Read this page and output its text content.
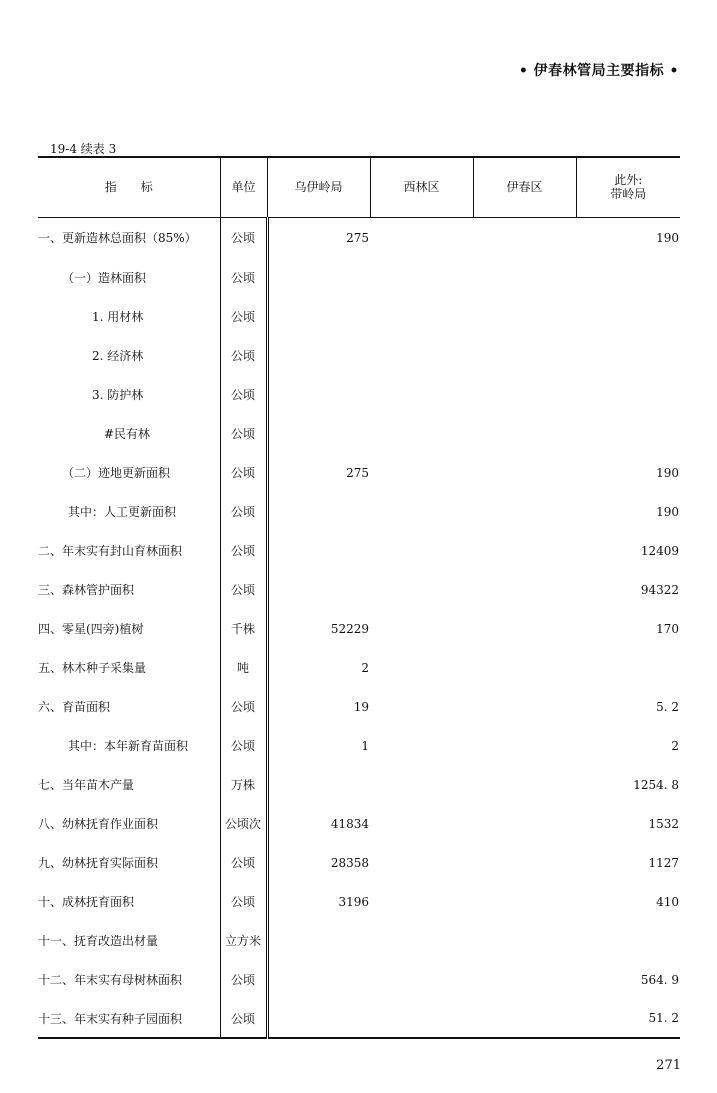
• 伊春林管局主要指标 •
19-4 续表 3
指　　标	单位	乌伊岭局	西林区	伊春区	此外:
带岭局

一、更新造林总面积（85%）	公顷	275			190
（一）造林面积	公顷				
1. 用材林	公顷				
2. 经济林	公顷				
3. 防护林	公顷				
#民有林	公顷				
（二）迹地更新面积	公顷	275			190
其中：人工更新面积	公顷				190
二、年末实有封山育林面积	公顷				12409
三、森林管护面积	公顷				94322
四、零星(四旁)植树	千株	52229			170
五、林木种子采集量	吨	2			
六、育苗面积	公顷	19			5. 2
其中：本年新育苗面积	公顷	1			2
七、当年苗木产量	万株				1254. 8
八、幼林抚育作业面积	公顷次	41834			1532
九、幼林抚育实际面积	公顷	28358			1127
十、成林抚育面积	公顷	3196			410
十一、抚育改造出材量	立方米				
十二、年末实有母树林面积	公顷				564. 9
十三、年末实有种子园面积	公顷				51. 2
271
